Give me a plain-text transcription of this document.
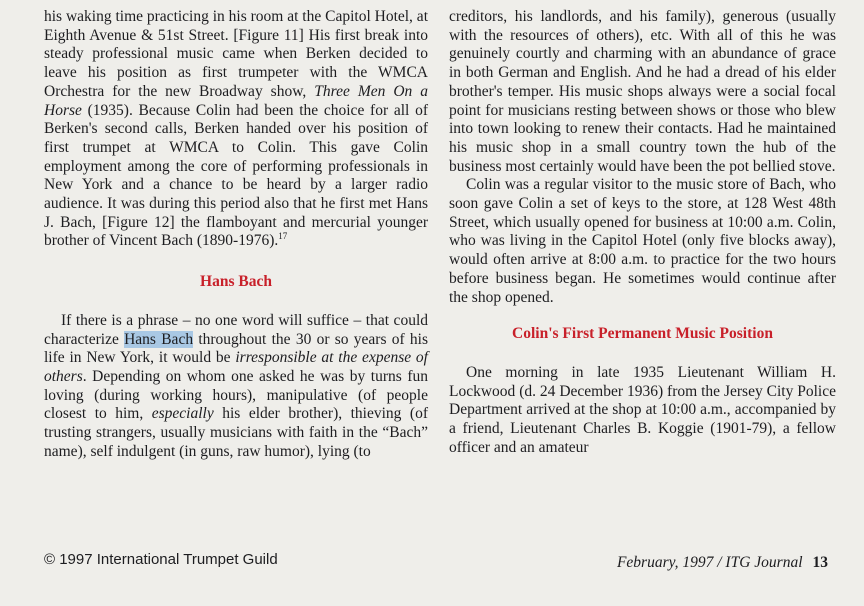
his waking time practicing in his room at the Capitol Hotel, at Eighth Avenue & 51st Street. [Figure 11] His first break into steady professional music came when Berken decided to leave his position as first trumpeter with the WMCA Orchestra for the new Broadway show, Three Men On a Horse (1935). Because Colin had been the choice for all of Berken's second calls, Berken handed over his position of first trumpet at WMCA to Colin. This gave Colin employment among the core of performing professionals in New York and a chance to be heard by a larger radio audience. It was during this period also that he first met Hans J. Bach, [Figure 12] the flamboyant and mercurial younger brother of Vincent Bach (1890-1976).$^{17}$

Hans Bach

If there is a phrase – no one word will suffice – that could characterize Hans Bach throughout the 30 or so years of his life in New York, it would be irresponsible at the expense of others. Depending on whom one asked he was by turns fun loving (during working hours), manipulative (of people closest to him, especially his elder brother), thieving (of trusting strangers, usually musicians with faith in the “Bach” name), self indulgent (in guns, raw humor), lying (to

creditors, his landlords, and his family), generous (usually with the resources of others), etc. With all of this he was genuinely courtly and charming with an abundance of grace in both German and English. And he had a dread of his elder brother's temper. His music shops always were a social focal point for musicians resting between shows or those who blew into town looking to renew their contacts. Had he maintained his music shop in a small country town the hub of the business most certainly would have been the pot bellied stove.

Colin was a regular visitor to the music store of Bach, who soon gave Colin a set of keys to the store, at 128 West 48th Street, which usually opened for business at 10:00 a.m. Colin, who was living in the Capitol Hotel (only five blocks away), would often arrive at 8:00 a.m. to practice for the two hours before business began. He sometimes would continue after the shop opened.

Colin's First Permanent Music Position

One morning in late 1935 Lieutenant William H. Lockwood (d. 24 December 1936) from the Jersey City Police Department arrived at the shop at 10:00 a.m., accompanied by a friend, Lieutenant Charles B. Koggie (1901-79), a fellow officer and an amateur

© 1997 International Trumpet Guild	February, 1997 / ITG Journal 13
